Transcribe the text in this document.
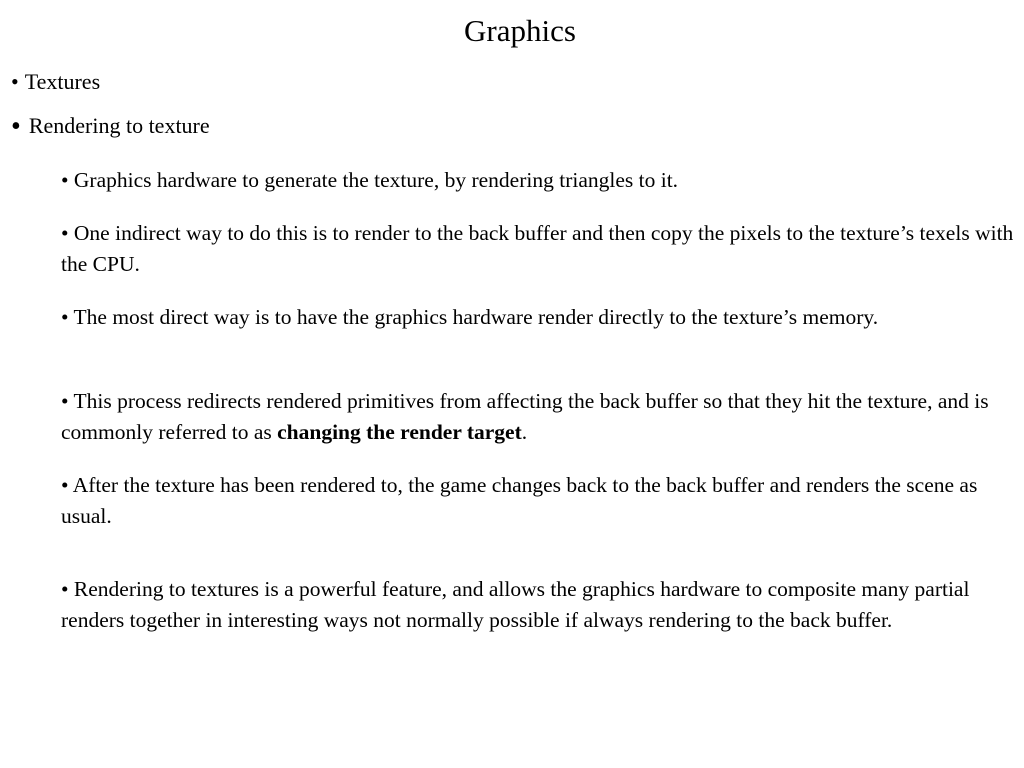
Graphics
• Textures
• Rendering to texture
• Graphics hardware to generate the texture, by rendering triangles to it.
• One indirect way to do this is to render to the back buffer and then copy the pixels to the texture’s texels with the CPU.
• The most direct way is to have the graphics hardware render directly to the texture’s memory.
• This process redirects rendered primitives from affecting the back buffer so that they hit the texture, and is commonly referred to as changing the render target.
• After the texture has been rendered to, the game changes back to the back buffer and renders the scene as usual.
• Rendering to textures is a powerful feature, and allows the graphics hardware to composite many partial renders together in interesting ways not normally possible if always rendering to the back buffer.
